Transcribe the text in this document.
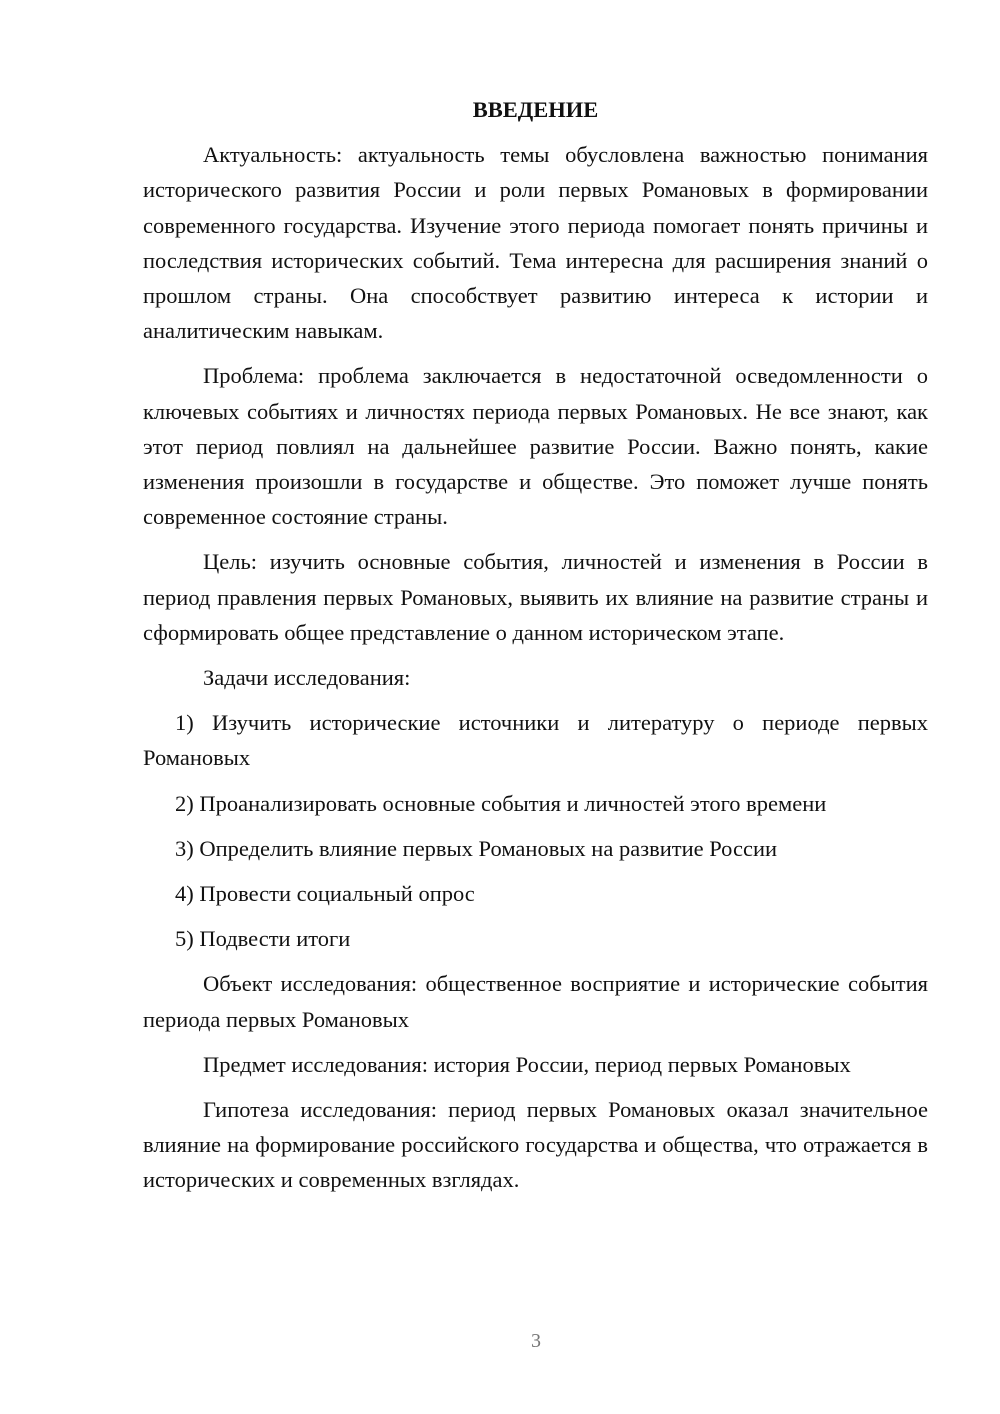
ВВЕДЕНИЕ
Актуальность: актуальность темы обусловлена важностью понимания исторического развития России и роли первых Романовых в формировании современного государства. Изучение этого периода помогает понять причины и последствия исторических событий. Тема интересна для расширения знаний о прошлом страны. Она способствует развитию интереса к истории и аналитическим навыкам.
Проблема: проблема заключается в недостаточной осведомленности о ключевых событиях и личностях периода первых Романовых. Не все знают, как этот период повлиял на дальнейшее развитие России. Важно понять, какие изменения произошли в государстве и обществе. Это поможет лучше понять современное состояние страны.
Цель: изучить основные события, личностей и изменения в России в период правления первых Романовых, выявить их влияние на развитие страны и сформировать общее представление о данном историческом этапе.
Задачи исследования:
1) Изучить исторические источники и литературу о периоде первых Романовых
2) Проанализировать основные события и личностей этого времени
3) Определить влияние первых Романовых на развитие России
4) Провести социальный опрос
5) Подвести итоги
Объект исследования: общественное восприятие и исторические события периода первых Романовых
Предмет исследования: история России, период первых Романовых
Гипотеза исследования: период первых Романовых оказал значительное влияние на формирование российского государства и общества, что отражается в исторических и современных взглядах.
3
